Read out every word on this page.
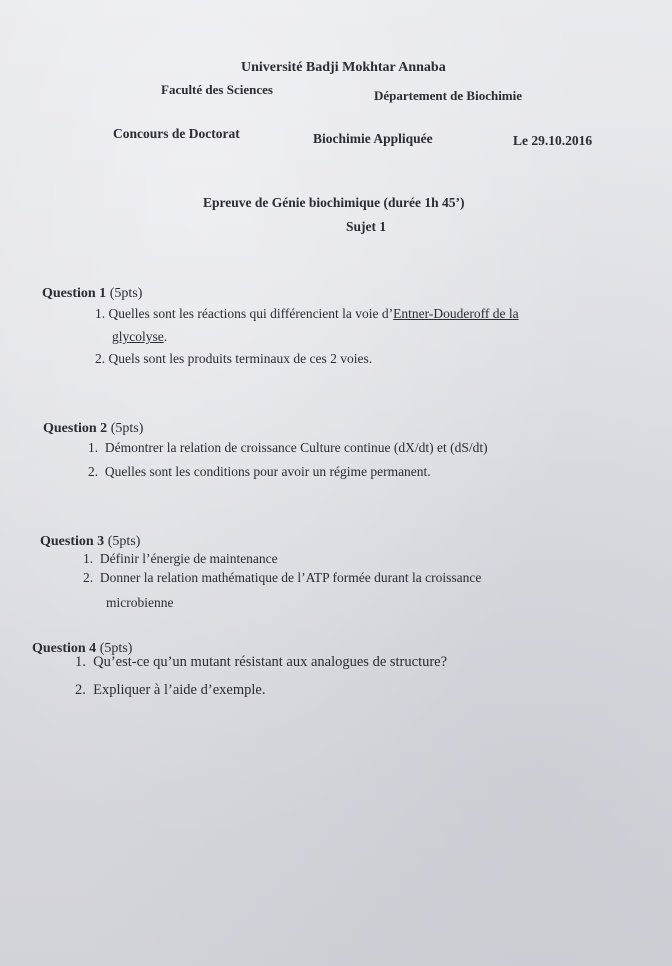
Université Badji Mokhtar Annaba
Faculté des Sciences	Département de Biochimie
Concours de Doctorat	Biochimie Appliquée	Le 29.10.2016
Epreuve de Génie biochimique (durée 1h 45’)
Sujet 1
Question 1 (5pts)
1. Quelles sont les réactions qui différencient la voie d’Entner-Douderoff de la
glycolyse.
2. Quels sont les produits terminaux de ces 2 voies.
Question 2 (5pts)
1. Démontrer la relation de croissance Culture continue (dX/dt) et (dS/dt)
2. Quelles sont les conditions pour avoir un régime permanent.
Question 3 (5pts)
1. Définir l’énergie de maintenance
2. Donner la relation mathématique de l’ATP formée durant la croissance
microbienne
Question 4 (5pts)
1. Qu’est-ce qu’un mutant résistant aux analogues de structure?
2. Expliquer à l’aide d’exemple.
